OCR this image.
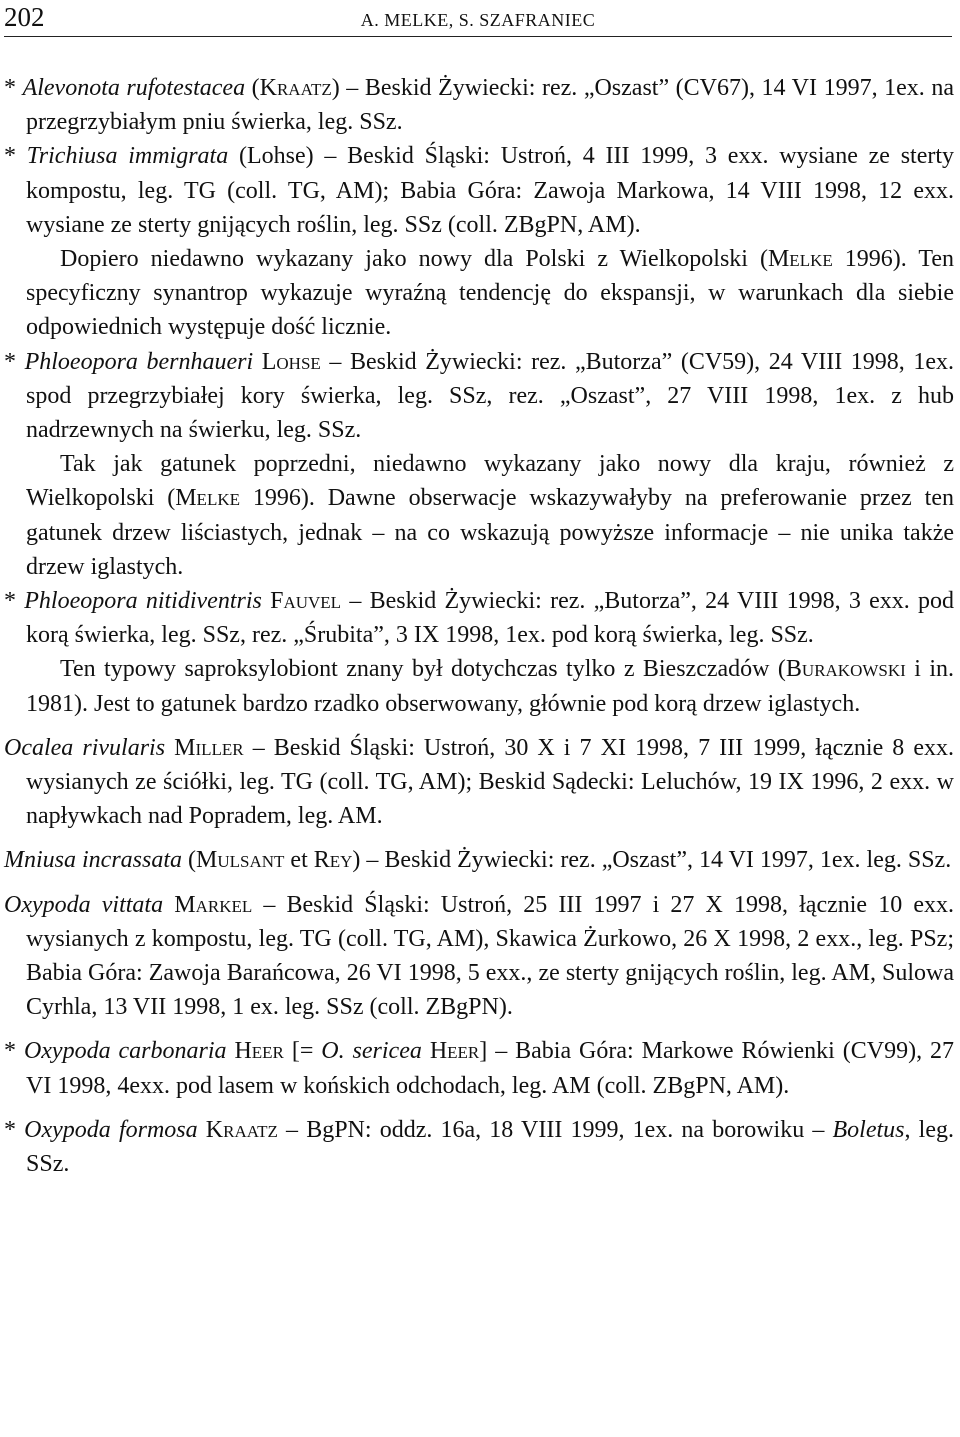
202	A. MELKE, S. SZAFRANIEC

* Alevonota rufotestacea (Kraatz) – Beskid Żywiecki: rez. „Oszast” (CV67), 14 VI 1997, 1ex. na przegrzybiałym pniu świerka, leg. SSz.

* Trichiusa immigrata (Lohse) – Beskid Śląski: Ustroń, 4 III 1999, 3 exx. wysiane ze sterty kompostu, leg. TG (coll. TG, AM); Babia Góra: Zawoja Markowa, 14 VIII 1998, 12 exx. wysiane ze sterty gnijących roślin, leg. SSz (coll. ZBgPN, AM).

Dopiero niedawno wykazany jako nowy dla Polski z Wielkopolski (Melke 1996). Ten specyficzny synantrop wykazuje wyraźną tendencję do ekspansji, w warunkach dla siebie odpowiednich występuje dość licznie.

* Phloeopora bernhaueri Lohse – Beskid Żywiecki: rez. „Butorza” (CV59), 24 VIII 1998, 1ex. spod przegrzybiałej kory świerka, leg. SSz, rez. „Oszast”, 27 VIII 1998, 1ex. z hub nadrzewnych na świerku, leg. SSz.

Tak jak gatunek poprzedni, niedawno wykazany jako nowy dla kraju, również z Wielkopolski (Melke 1996). Dawne obserwacje wskazywałyby na preferowanie przez ten gatunek drzew liściastych, jednak – na co wskazują powyższe informacje – nie unika także drzew iglastych.

* Phloeopora nitidiventris Fauvel – Beskid Żywiecki: rez. „Butorza”, 24 VIII 1998, 3 exx. pod korą świerka, leg. SSz, rez. „Śrubita”, 3 IX 1998, 1ex. pod korą świerka, leg. SSz.

Ten typowy saproksylobiont znany był dotychczas tylko z Bieszczadów (Burakowski i in. 1981). Jest to gatunek bardzo rzadko obserwowany, głównie pod korą drzew iglastych.

Ocalea rivularis Miller – Beskid Śląski: Ustroń, 30 X i 7 XI 1998, 7 III 1999, łącznie 8 exx. wysianych ze ściółki, leg. TG (coll. TG, AM); Beskid Sądecki: Leluchów, 19 IX 1996, 2 exx. w napływkach nad Popradem, leg. AM.

Mniusa incrassata (Mulsant et Rey) – Beskid Żywiecki: rez. „Oszast”, 14 VI 1997, 1ex. leg. SSz.

Oxypoda vittata Markel – Beskid Śląski: Ustroń, 25 III 1997 i 27 X 1998, łącznie 10 exx. wysianych z kompostu, leg. TG (coll. TG, AM), Skawica Żurkowo, 26 X 1998, 2 exx., leg. PSz; Babia Góra: Zawoja Barańcowa, 26 VI 1998, 5 exx., ze sterty gnijących roślin, leg. AM, Sulowa Cyrhla, 13 VII 1998, 1 ex. leg. SSz (coll. ZBgPN).

* Oxypoda carbonaria Heer [= O. sericea Heer] – Babia Góra: Markowe Rówienki (CV99), 27 VI 1998, 4exx. pod lasem w końskich odchodach, leg. AM (coll. ZBgPN, AM).

* Oxypoda formosa Kraatz – BgPN: oddz. 16a, 18 VIII 1999, 1ex. na borowiku – Boletus, leg. SSz.
